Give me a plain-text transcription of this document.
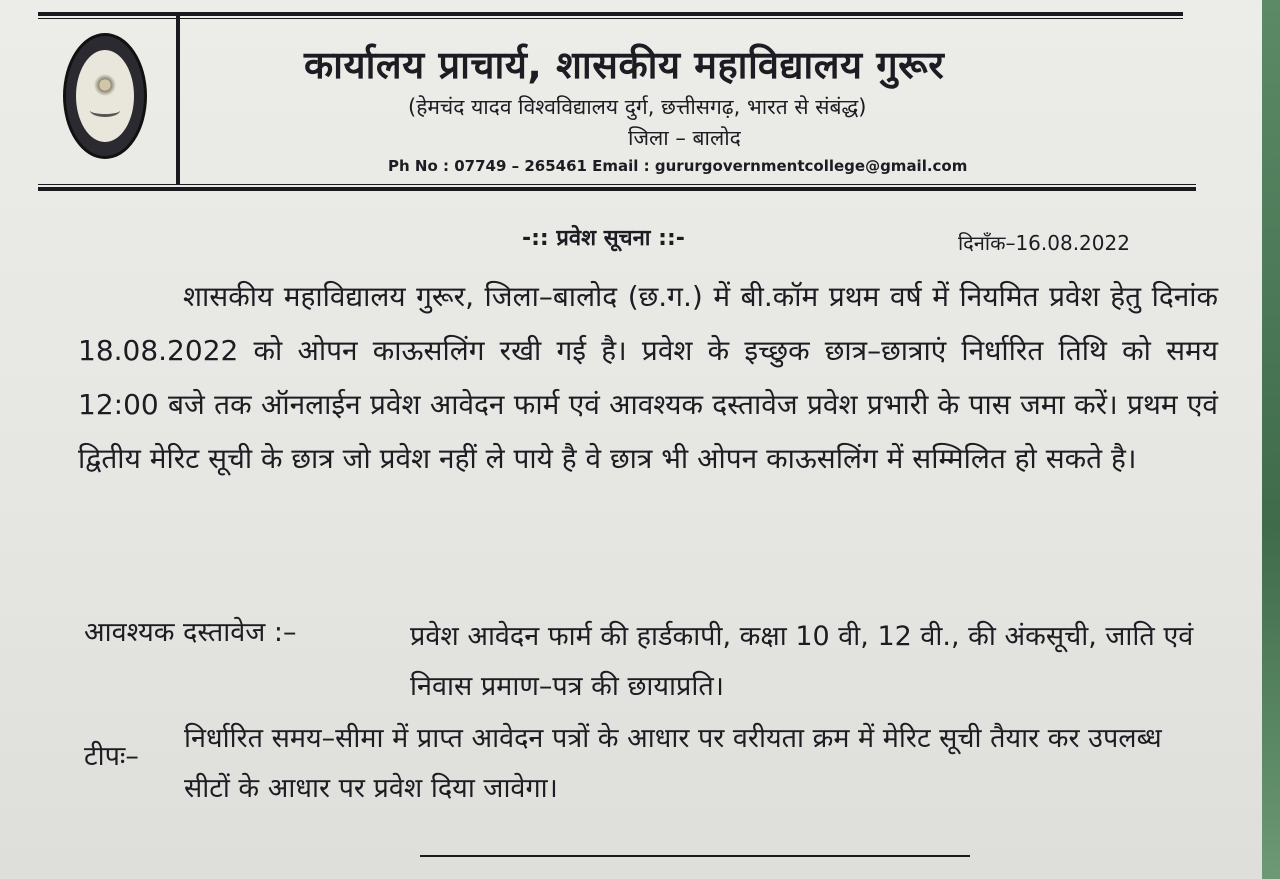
कार्यालय प्राचार्य, शासकीय महाविद्यालय गुरूर
(हेमचंद यादव विश्वविद्यालय दुर्ग, छत्तीसगढ़, भारत से संबंद्ध)
जिला – बालोद
Ph No : 07749 – 265461 Email : gururgovernmentcollege@gmail.com
-:: प्रवेश सूचना ::-	दिनाँक–16.08.2022
शासकीय महाविद्यालय गुरूर, जिला–बालोद (छ.ग.) में बी.कॉम प्रथम वर्ष में नियमित प्रवेश हेतु दिनांक 18.08.2022 को ओपन काऊसलिंग रखी गई है। प्रवेश के इच्छुक छात्र–छात्राएं निर्धारित तिथि को समय 12:00 बजे तक ऑनलाईन प्रवेश आवेदन फार्म एवं आवश्यक दस्तावेज प्रवेश प्रभारी के पास जमा करें। प्रथम एवं द्वितीय मेरिट सूची के छात्र जो प्रवेश नहीं ले पाये है वे छात्र भी ओपन काऊसलिंग में सम्मिलित हो सकते है।
आवश्यक दस्तावेज :–	प्रवेश आवेदन फार्म की हार्डकापी, कक्षा 10 वी, 12 वी., की अंकसूची, जाति एवं निवास प्रमाण–पत्र की छायाप्रति।
टीपः–
निर्धारित समय–सीमा में प्राप्त आवेदन पत्रों के आधार पर वरीयता क्रम में मेरिट सूची तैयार कर उपलब्ध सीटों के आधार पर प्रवेश दिया जावेगा।
